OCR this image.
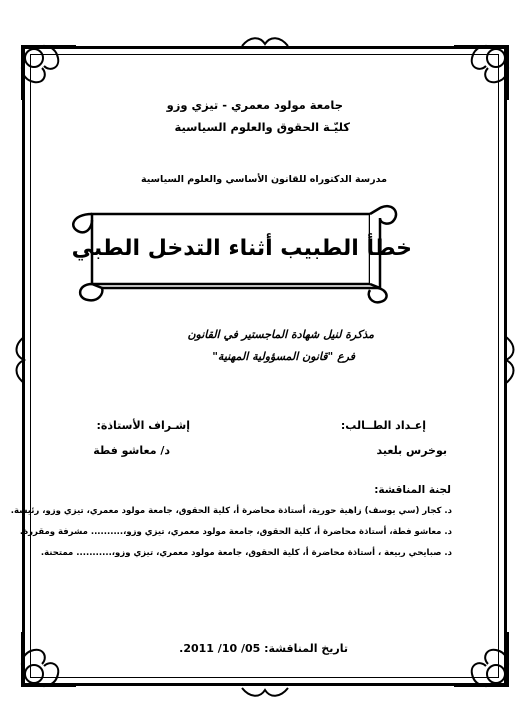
جامعة مولود معمري - تيزي وزو
كليّـة الحقوق والعلوم السياسية
مدرسة الدكتوراه للقانون الأساسي والعلوم السياسية
خطأ الطبيب أثناء التدخل الطبي
مذكرة لنيل شهادة الماجستير في القانون
فرع "قانون المسؤولية المهنية"
إعـداد الطــالب:
إشـراف الأستاذة:
بوخرس بلعيد
د/ معاشو فطة
لجنة المناقشة:
د. كجار (سي يوسف) زاهية حورية، أستاذة محاضرة أ، كلية الحقوق، جامعة مولود معمري، تيزي وزو، رئيسة.
د. معاشو فطة، أستاذة محاضرة أ، كلية الحقوق، جامعة مولود معمري، تيزي وزو،.......... مشرفة ومقررة.
د. صبايحي ربيعة ، أستاذة محاضرة أ، كلية الحقوق، جامعة مولود معمري، تيزي وزو،........... ممتحنة.
تاريخ المناقشة: 05/ 10/ 2011.
